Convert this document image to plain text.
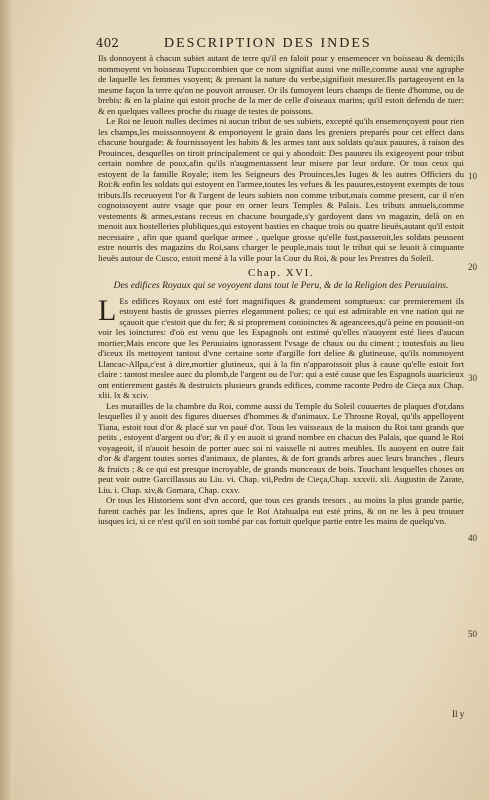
402	DESCRIPTION DES INDES

Ils donnoyent à chacun subiet autant de terre qu'il en faloit pour y ensemencer vn boisseau & demi;ils nommoyent vn boisseau Tupu:combien que ce nom signifiat aussi vne mille,comme aussi vne agraphe de laquelle les femmes vsoyent; & prenant la nature du verbe,signifioit mesurer.Ils partageoyent en la mesme façon la terre qu'on ne pouvoit arrouser. Or ils fumoyent leurs champs de fiente d'homme, ou de brebis: & en la plaine qui estoit proche de la mer de celle d'oiseaux marins; qu'il estoit defendu de tuer: & en quelques vallees proche du riuage de testes de poissons.

Le Roi ne leuoit nulles decimes ni aucun tribut de ses subiets, excepté qu'ils ensemençoyent pour rien les champs,les moissonnoyent & emportoyent le grain dans les greniers preparés pour cet effect dans chacune bourgade: & fournissoyent les habits & les armes tant aux soldats qu'aux pauures, à raison des Prouinces, desquelles on tiroit principalement ce qui y abondoit: Des pauures ils exigeoyent pour tribut certain nombre de poux,afin qu'ils n'augmentassent leur misere par leur ordure. Or tous ceux qui estoyent de la famille Royale; item les Seigneurs des Prouinces,les Iuges & les autres Officiers du Roi:& enfin les soldats qui estoyent en l'armee,toutes les vefues & les pauures,estoyent exempts de tous tributs.Ils receuoyent l'or & l'argent de leurs subiets non comme tribut,mais comme present, car il n'en cognoissoyent autre vsage que pour en orner leurs Temples & Palais. Les tributs annuels,comme vestements & armes,estans receus en chacune bourgade,s'y gardoyent dans vn magazin, delà on en menoit aux hostelleries plubliques,qui estoyent basties en chaque trois ou quatre lieuës,autant qu'il estoit necessaire , afin que quand quelque armee , quelque grosse qu'elle fust,passeroit,les soldats peussent estre nourris des magazins du Roi,sans charger le peuple,mais tout le tribut qui se leuoit à cinquante lieuës autour de Cusco, estoit mené à la ville pour la Cour du Roi, & pour les Prestres du Soleil.

Chap. XVI.
Des edifices Royaux qui se voyoyent dans tout le Peru, & de la Religion des Peruuiains.

L Es edifices Royaux ont esté fort magnifiques & grandement somptueux: car premierement ils estoyent bastis de grosses pierres elegamment polies; ce qui est admirable en vne nation qui ne sçauoit que c'estoit que du fer; & si proprement conioinctes & ageancees,qu'à peine en pouuoit-on voir les ioinctures: d'où est venu que les Espagnols ont estimé qu'elles n'auoyent esté liees d'aucun mortier;Mais encore que les Peruuiains ignorassent l'vsage de chaux ou du ciment ; toutesfois au lieu d'iceux ils mettoyent tantost d'vne certaine sorte d'argille fort deliee & glutineuse, qu'ils nommoyent Llancac-Allpa,c'est à dire,mortier glutineux, qui à la fin n'apparoissoit plus à cause qu'elle estoit fort claire : tantost meslee auec du plomb,de l'argent ou de l'or: qui a esté cause que les Espagnols auaricieux ont entierement gastés & destruicts plusieurs grands edifices, comme raconte Pedro de Cieça aux Chap. xlii. lx & xciv.

Les murailles de la chambre du Roi, comme aussi du Temple du Soleil couuertes de plaques d'or,dans lesquelles il y auoit des figures diuerses d'hommes & d'animaux. Le Throsne Royal, qu'ils appelloyent Tiana, estoit tout d'or & placé sur vn paué d'or. Tous les vaisseaux de la maison du Roi tant grands que petits , estoyent d'argent ou d'or; & il y en auoit si grand nombre en chacun des Palais, que quand le Roi voyageoit, il n'auoit besoin de porter auec soi ni vaisselle ni autres meubles. Ils auoyent en outre fait d'or & d'argent toutes sortes d'animaux, de plantes, & de fort grands arbres auec leurs branches , fleurs & fruicts ; & ce qui est presque incroyable, de grands monceaux de bois. Touchant lesquelles choses on peut voir outre Garcillassus au Liu. vi. Chap. vii,Pedro de Cieça,Chap. xxxvii. xli. Augustin de Zarate, Liu. i. Chap. xiv,& Gomara, Chap. cxxv.

Or tous les Historiens sont d'vn accord, que tous ces grands tresors , au moins la plus grande partie, furent cachés par les Indiens, apres que le Roi Atahualpa eut esté prins, & on ne les à peu trouuer iusques ici, si ce n'est qu'il en soit tombé par cas fortuit quelque partie entre les mains de quelqu'vn.

10
20
30
40
50
Il y
